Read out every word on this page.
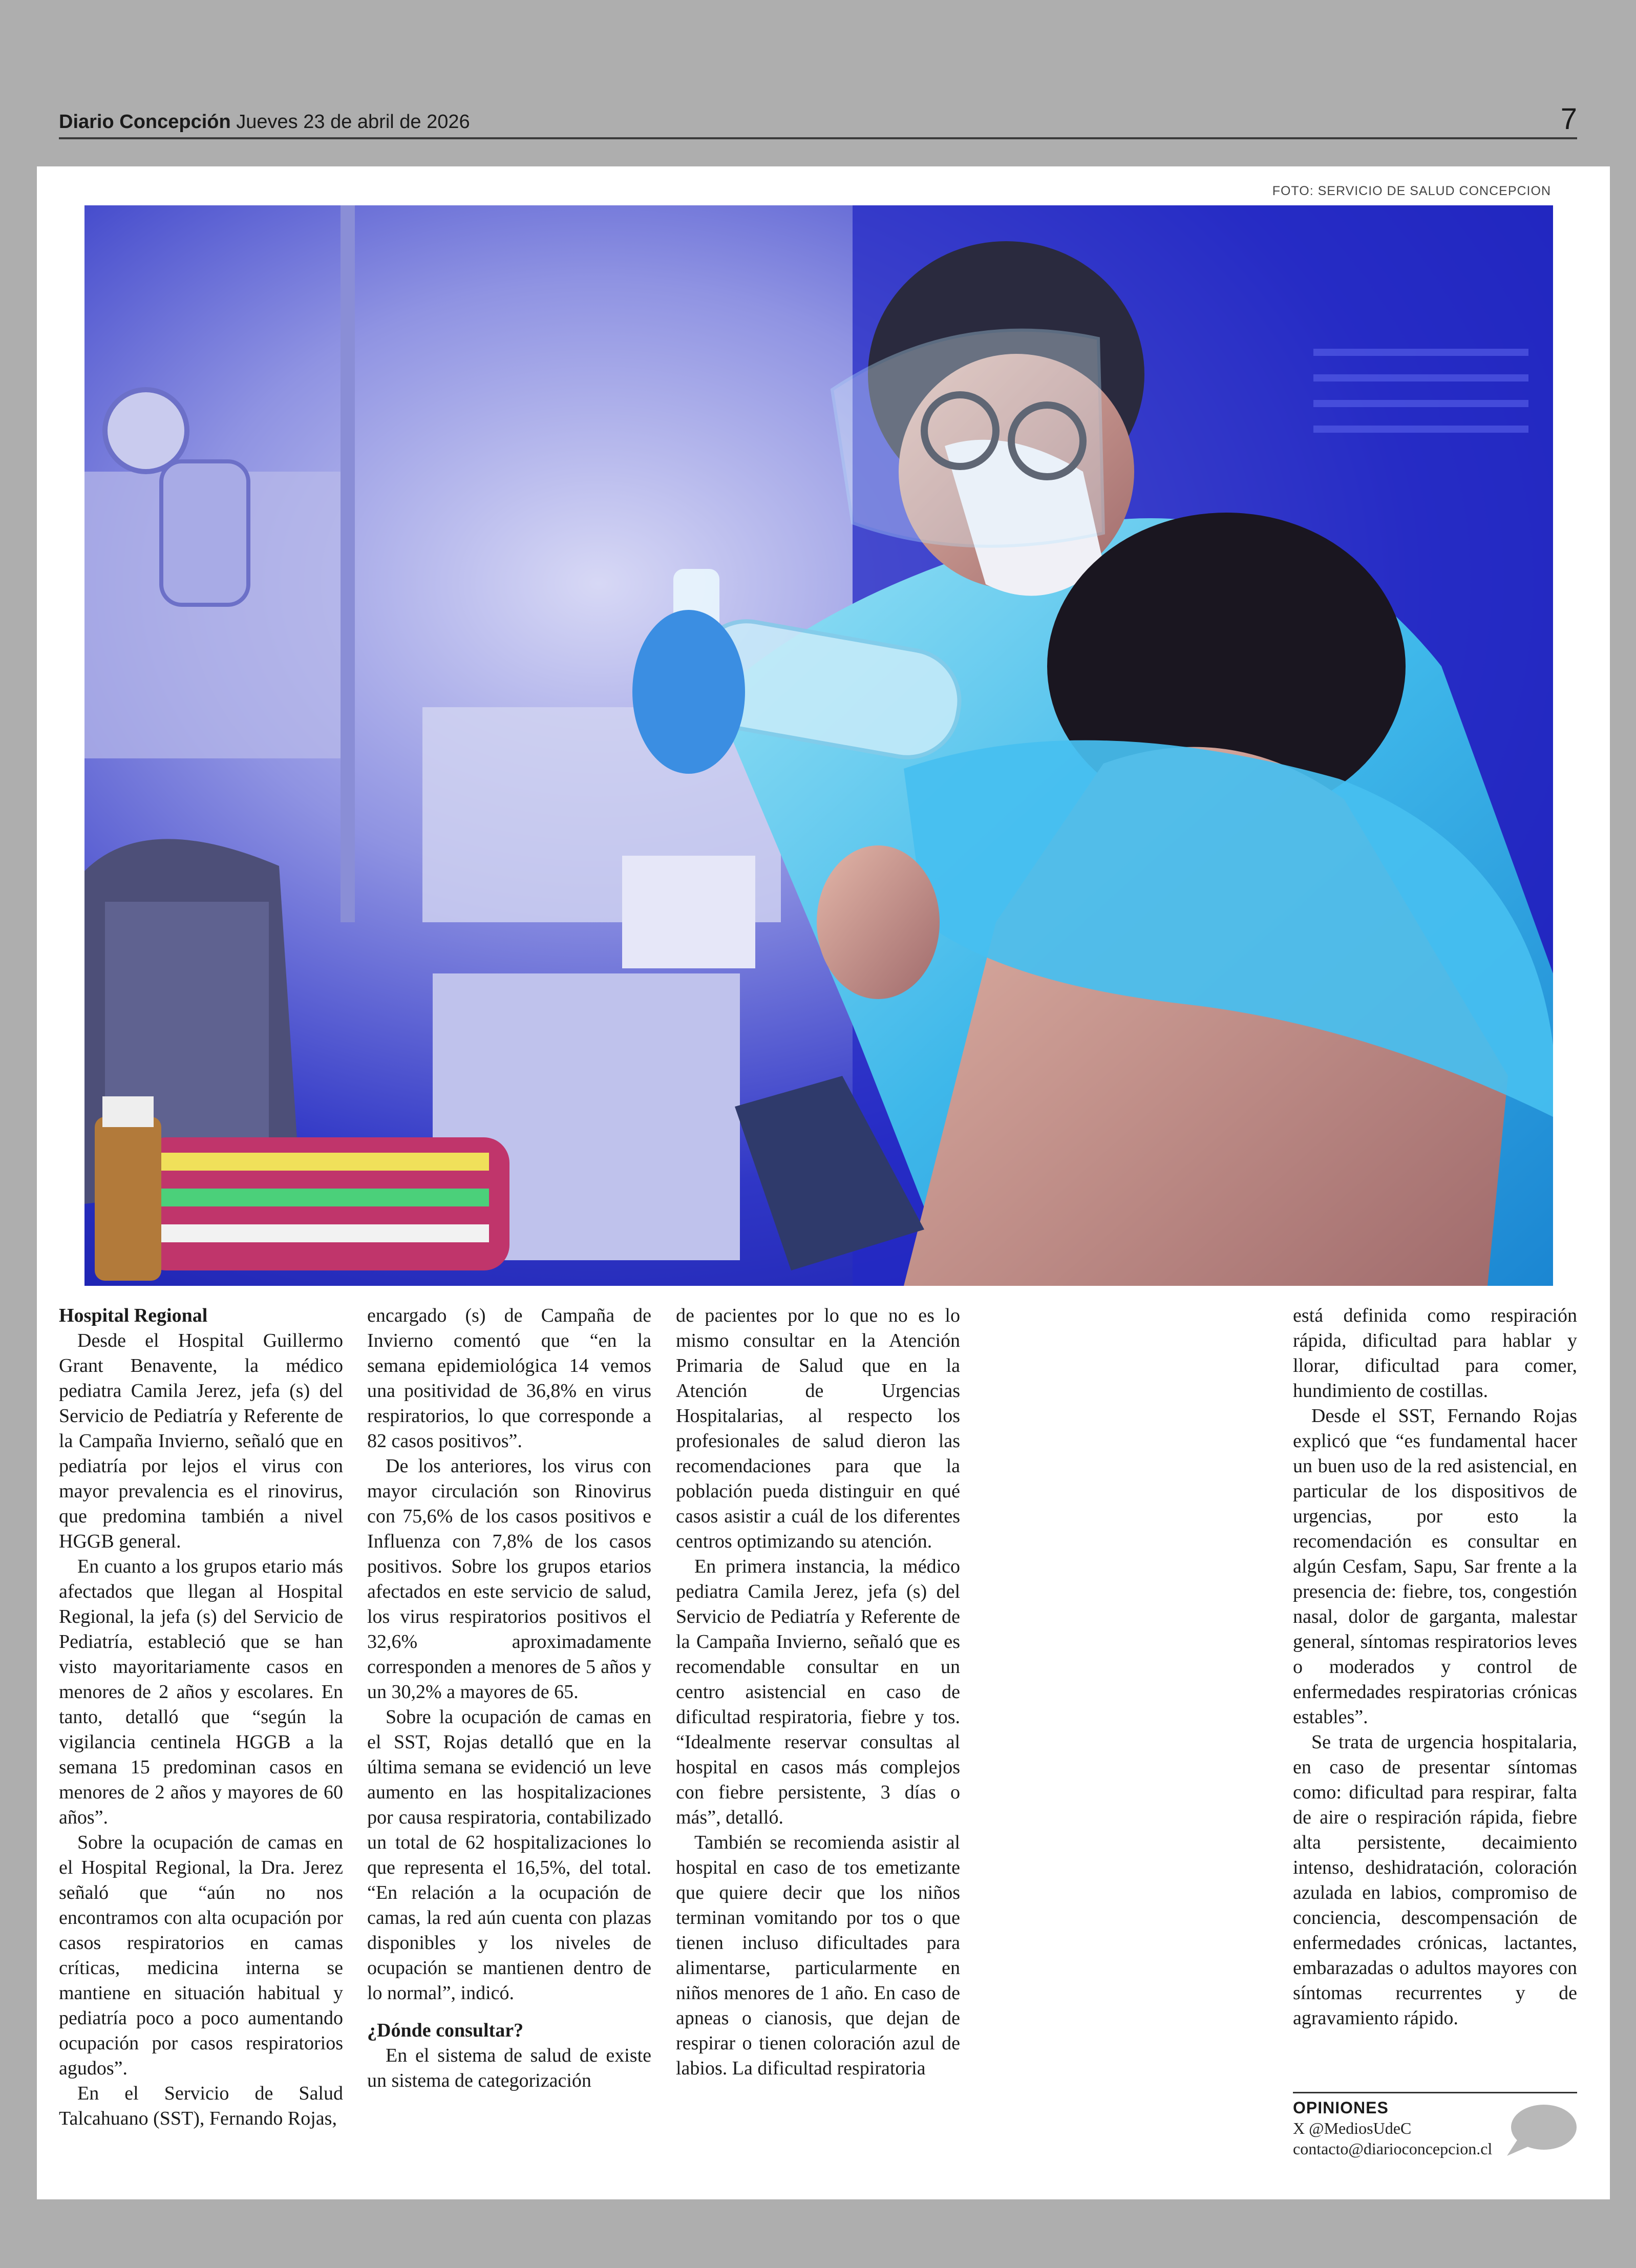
Diario Concepción Jueves 23 de abril de 2026	7
FOTO: SERVICIO DE SALUD CONCEPCION
Hospital Regional

Desde el Hospital Guillermo Grant Benavente, la médico pediatra Camila Jerez, jefa (s) del Servicio de Pediatría y Referente de la Campaña Invierno, señaló que en pediatría por lejos el virus con mayor prevalencia es el rinovirus, que predomina también a nivel HGGB general.

En cuanto a los grupos etario más afectados que llegan al Hospital Regional, la jefa (s) del Servicio de Pediatría, estableció que se han visto mayoritariamente casos en menores de 2 años y escolares. En tanto, detalló que “según la vigilancia centinela HGGB a la semana 15 predominan casos en menores de 2 años y mayores de 60 años”.

Sobre la ocupación de camas en el Hospital Regional, la Dra. Jerez señaló que “aún no nos encontramos con alta ocupación por casos respiratorios en camas críticas, medicina interna se mantiene en situación habitual y pediatría poco a poco aumentando ocupación por casos respiratorios agudos”.

En el Servicio de Salud Talcahuano (SST), Fernando Rojas,

encargado (s) de Campaña de Invierno comentó que “en la semana epidemiológica 14 vemos una positividad de 36,8% en virus respiratorios, lo que corresponde a 82 casos positivos”.

De los anteriores, los virus con mayor circulación son Rinovirus con 75,6% de los casos positivos e Influenza con 7,8% de los casos positivos. Sobre los grupos etarios afectados en este servicio de salud, los virus respiratorios positivos el 32,6% aproximadamente corresponden a menores de 5 años y un 30,2% a mayores de 65.

Sobre la ocupación de camas en el SST, Rojas detalló que en la última semana se evidenció un leve aumento en las hospitalizaciones por causa respiratoria, contabilizado un total de 62 hospitalizaciones lo que representa el 16,5%, del total. “En relación a la ocupación de camas, la red aún cuenta con plazas disponibles y los niveles de ocupación se mantienen dentro de lo normal”, indicó.

¿Dónde consultar?

En el sistema de salud de existe un sistema de categorización

de pacientes por lo que no es lo mismo consultar en la Atención Primaria de Salud que en la Atención de Urgencias Hospitalarias, al respecto los profesionales de salud dieron las recomendaciones para que la población pueda distinguir en qué casos asistir a cuál de los diferentes centros optimizando su atención.

En primera instancia, la médico pediatra Camila Jerez, jefa (s) del Servicio de Pediatría y Referente de la Campaña Invierno, señaló que es recomendable consultar en un centro asistencial en caso de dificultad respiratoria, fiebre y tos. “Idealmente reservar consultas al hospital en casos más complejos con fiebre persistente, 3 días o más”, detalló.

También se recomienda asistir al hospital en caso de tos emetizante que quiere decir que los niños terminan vomitando por tos o que tienen incluso dificultades para alimentarse, particularmente en niños menores de 1 año. En caso de apneas o cianosis, que dejan de respirar o tienen coloración azul de labios. La dificultad respiratoria

está definida como respiración rápida, dificultad para hablar y llorar, dificultad para comer, hundimiento de costillas.

Desde el SST, Fernando Rojas explicó que “es fundamental hacer un buen uso de la red asistencial, en particular de los dispositivos de urgencias, por esto la recomendación es consultar en algún Cesfam, Sapu, Sar frente a la presencia de: fiebre, tos, congestión nasal, dolor de garganta, malestar general, síntomas respiratorios leves o moderados y control de enfermedades respiratorias crónicas estables”.

Se trata de urgencia hospitalaria, en caso de presentar síntomas como: dificultad para respirar, falta de aire o respiración rápida, fiebre alta persistente, decaimiento intenso, deshidratación, coloración azulada en labios, compromiso de conciencia, descompensación de enfermedades crónicas, lactantes, embarazadas o adultos mayores con síntomas recurrentes y de agravamiento rápido.

OPINIONES
X @MediosUdeC
contacto@diarioconcepcion.cl
